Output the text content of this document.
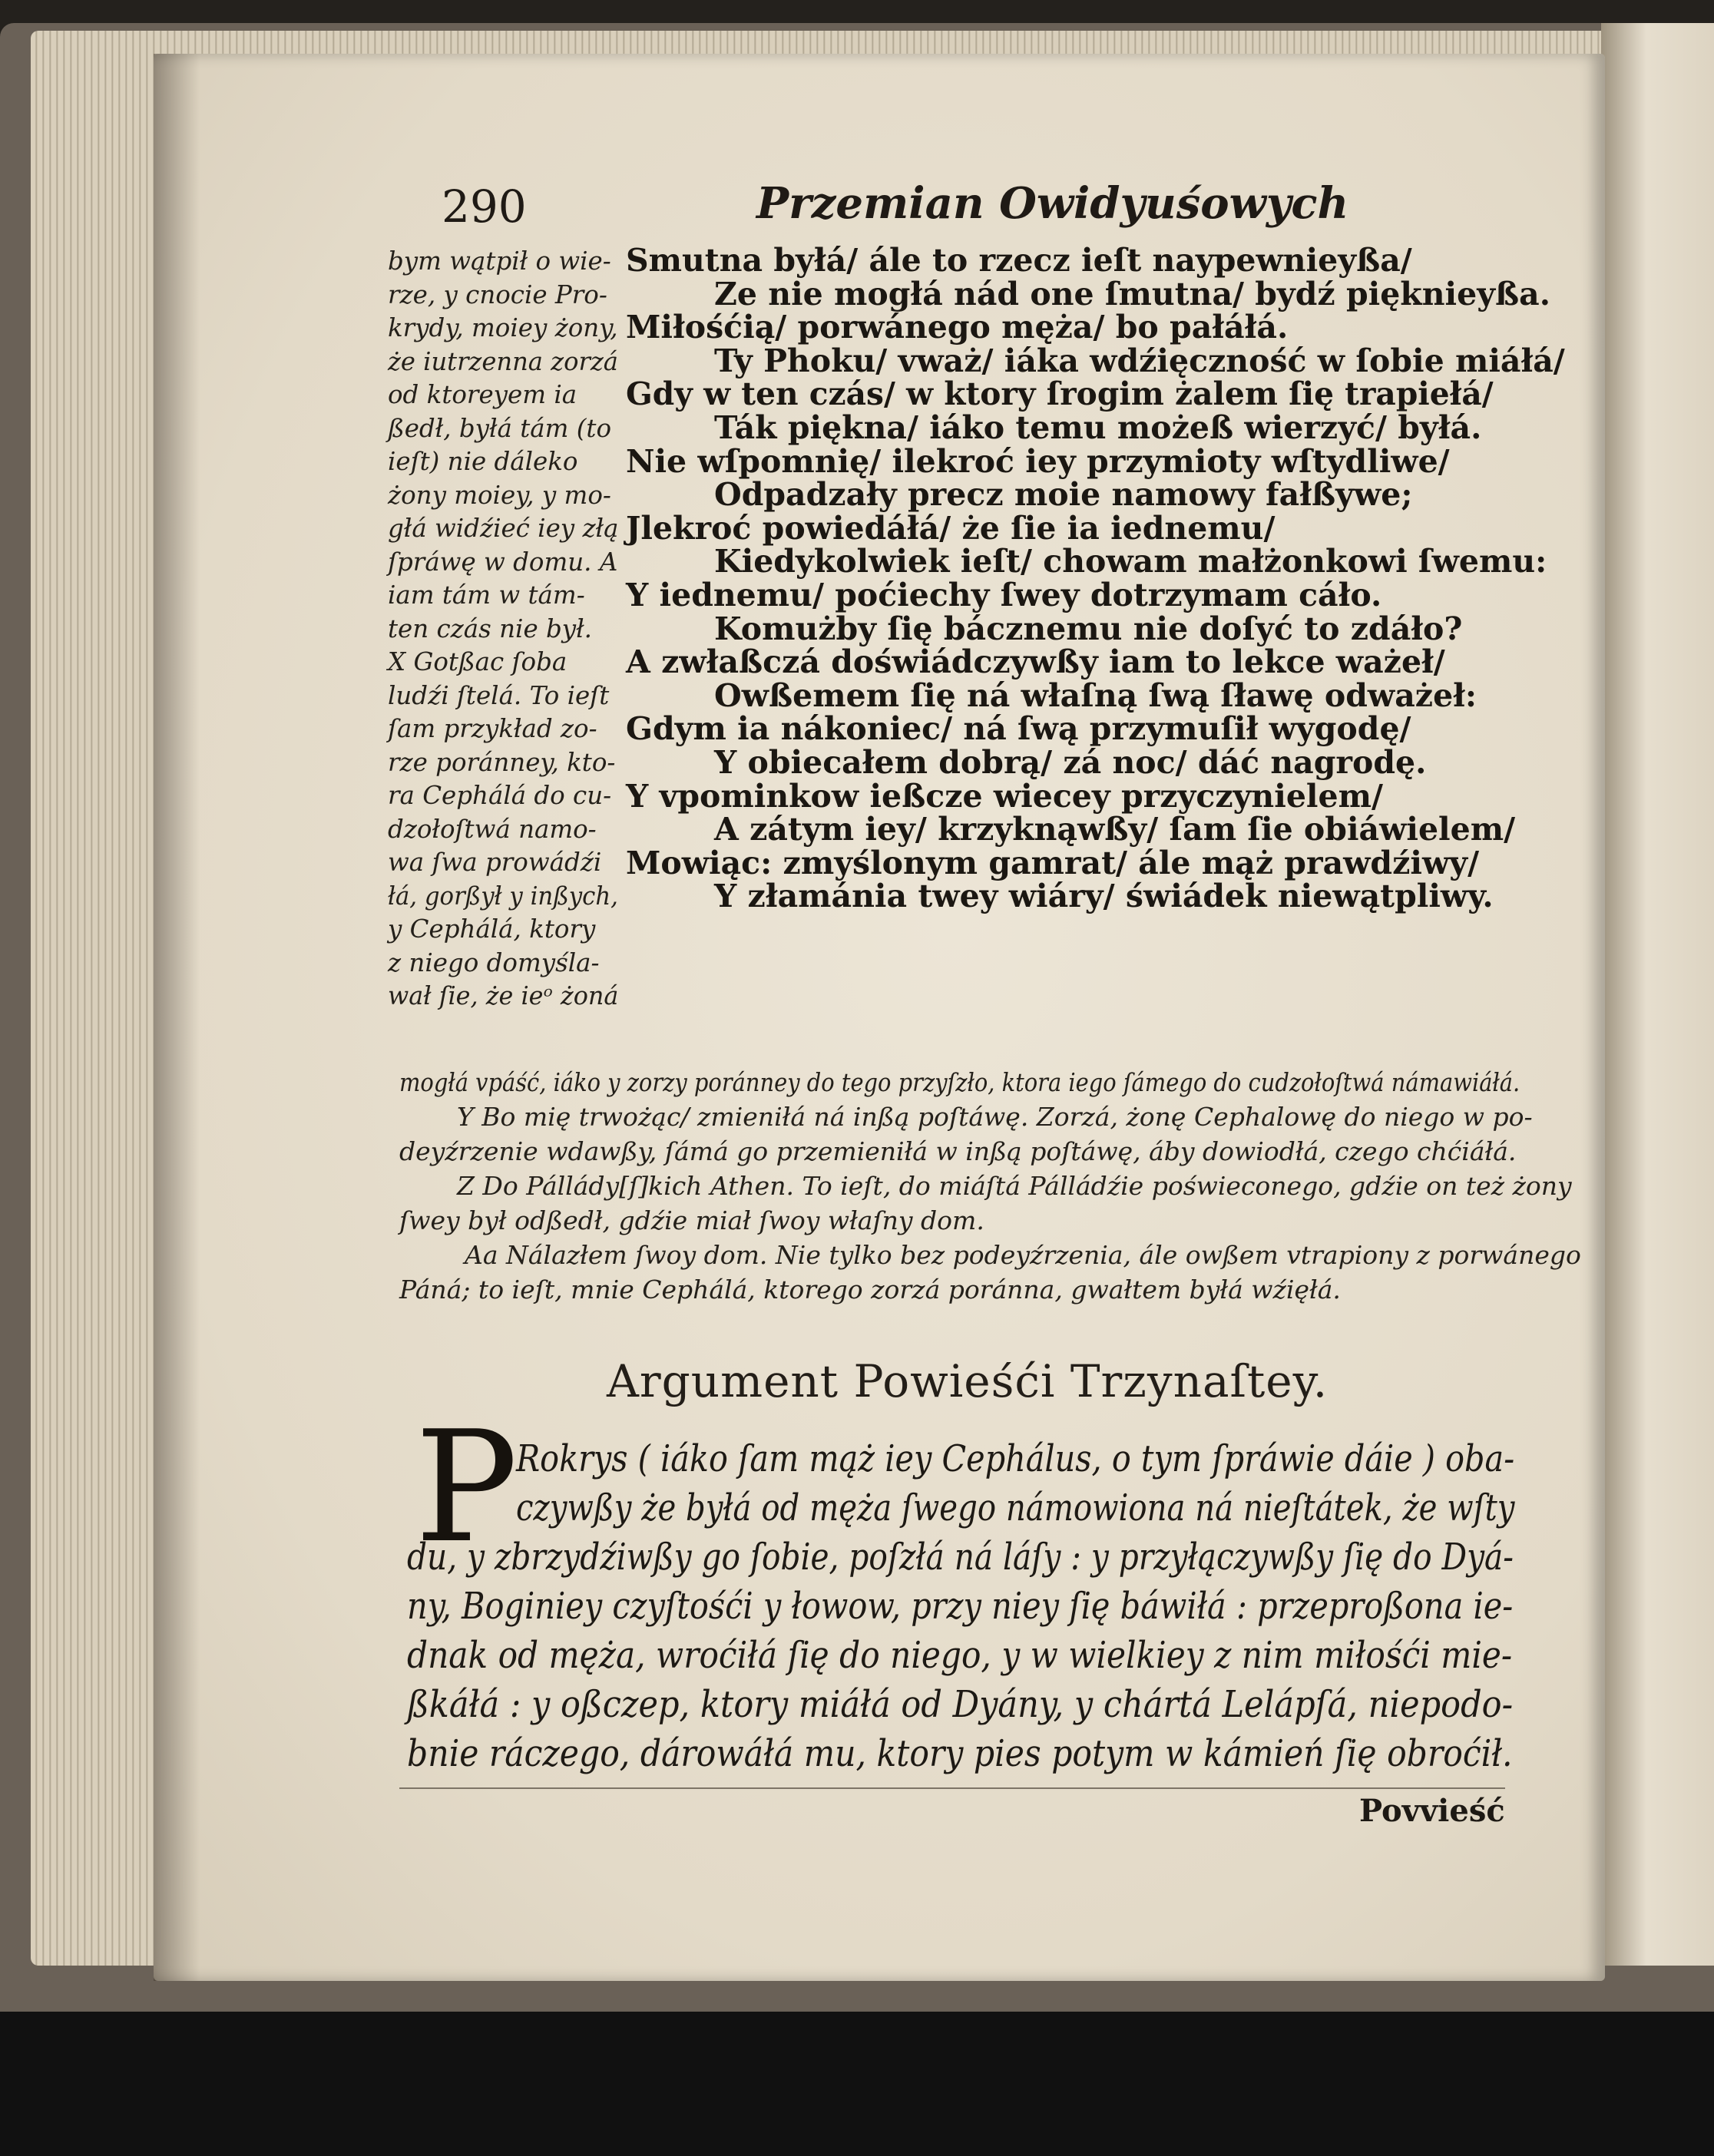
290	Przemian Owidyuśowych
bym wątpił o wie-
rze, y cnocie Pro-
krydy, moiey żony,
że iutrzenna zorzá
od ktoreyem ia
ßedł, byłá tám (to
ieſt) nie dáleko
żony moiey, y mo-
głá widźieć iey złą
ſpráwę w domu. A
iam tám w tám-
ten czás nie był.
X Gotßac ſoba
ludźi ſtelá. To ieſt
ſam przykład zo-
rze poránney, kto-
ra Cephálá do cu-
dzołoſtwá namo-
wa ſwa prowádźi
łá, gorßył y inßych,
y Cephálá, ktory
z niego domyśla-
wał ſie, że ieᵒ żoná
Smutna byłá/ ále to rzecz ieſt naypewnieyßa/
Ze nie mogłá nád one ſmutna/ bydź pięknieyßa.
Miłośćią/ porwánego męża/ bo pałáłá.
Ty Phoku/ vważ/ iáka wdźięczność w ſobie miáłá/
Gdy w ten czás/ w ktory ſrogim żalem ſię trapiełá/
Ták piękna/ iáko temu możeß wierzyć/ byłá.
Nie wſpomnię/ ilekroć iey przymioty wſtydliwe/
Odpadzały precz moie namowy fałßywe;
Jlekroć powiedáłá/ że ſie ia iednemu/
Kiedykolwiek ieſt/ chowam małżonkowi ſwemu:
Y iednemu/ poćiechy ſwey dotrzymam cáło.
Komużby ſię bácznemu nie doſyć to zdáło?
A zwłaßczá doświádczywßy iam to lekce ważeł/
Owßemem ſię ná właſną ſwą ſławę odważeł:
Gdym ia nákoniec/ ná ſwą przymuſił wygodę/
Y obiecałem dobrą/ zá noc/ dáć nagrodę.
Y vpominkow ießcze wiecey przyczynielem/
A zátym iey/ krzyknąwßy/ ſam ſie obiáwielem/
Mowiąc: zmyślonym gamrat/ ále mąż prawdźiwy/
Y złamánia twey wiáry/ świádek niewątpliwy.
mogłá vpáść, iáko y zorzy poránney do tego przyſzło, ktora iego ſámego do cudzołoſtwá námawiáłá.
Y Bo mię trwożąc/ zmieniłá ná inßą poſtáwę. Zorzá, żonę Cephalowę do niego w po-
deyźrzenie wdawßy, ſámá go przemieniłá w inßą poſtáwę, áby dowiodłá, czego chćiáłá.
Z Do Pállády[ſ]kich Athen. To ieſt, do miáſtá Pálládźie poświeconego, gdźie on też żony
ſwey był odßedł, gdźie miał ſwoy właſny dom.
Aa Nálazłem ſwoy dom. Nie tylko bez podeyźrzenia, ále owßem vtrapiony z porwánego
Páná; to ieſt, mnie Cephálá, ktorego zorzá poránna, gwałtem byłá wźięłá.
Argument Powieśći Trzynaſtey.
P
Rokrys ( iáko ſam mąż iey Cephálus, o tym ſpráwie dáie ) oba-
czywßy że byłá od męża ſwego námowiona ná nieſtátek, że wſty
du, y zbrzydźiwßy go ſobie, poſzłá ná láſy : y przyłączywßy ſię do Dyá-
ny, Boginiey czyſtośći y łowow, przy niey ſię báwiłá : przeproßona ie-
dnak od męża, wroćiłá ſię do niego, y w wielkiey z nim miłośći mie-
ßkáłá : y oßczep, ktory miáłá od Dyány, y chártá Lelápſá, niepodo-
bnie ráczego, dárowáłá mu, ktory pies potym w kámień ſię obroćił.
Povvieść
